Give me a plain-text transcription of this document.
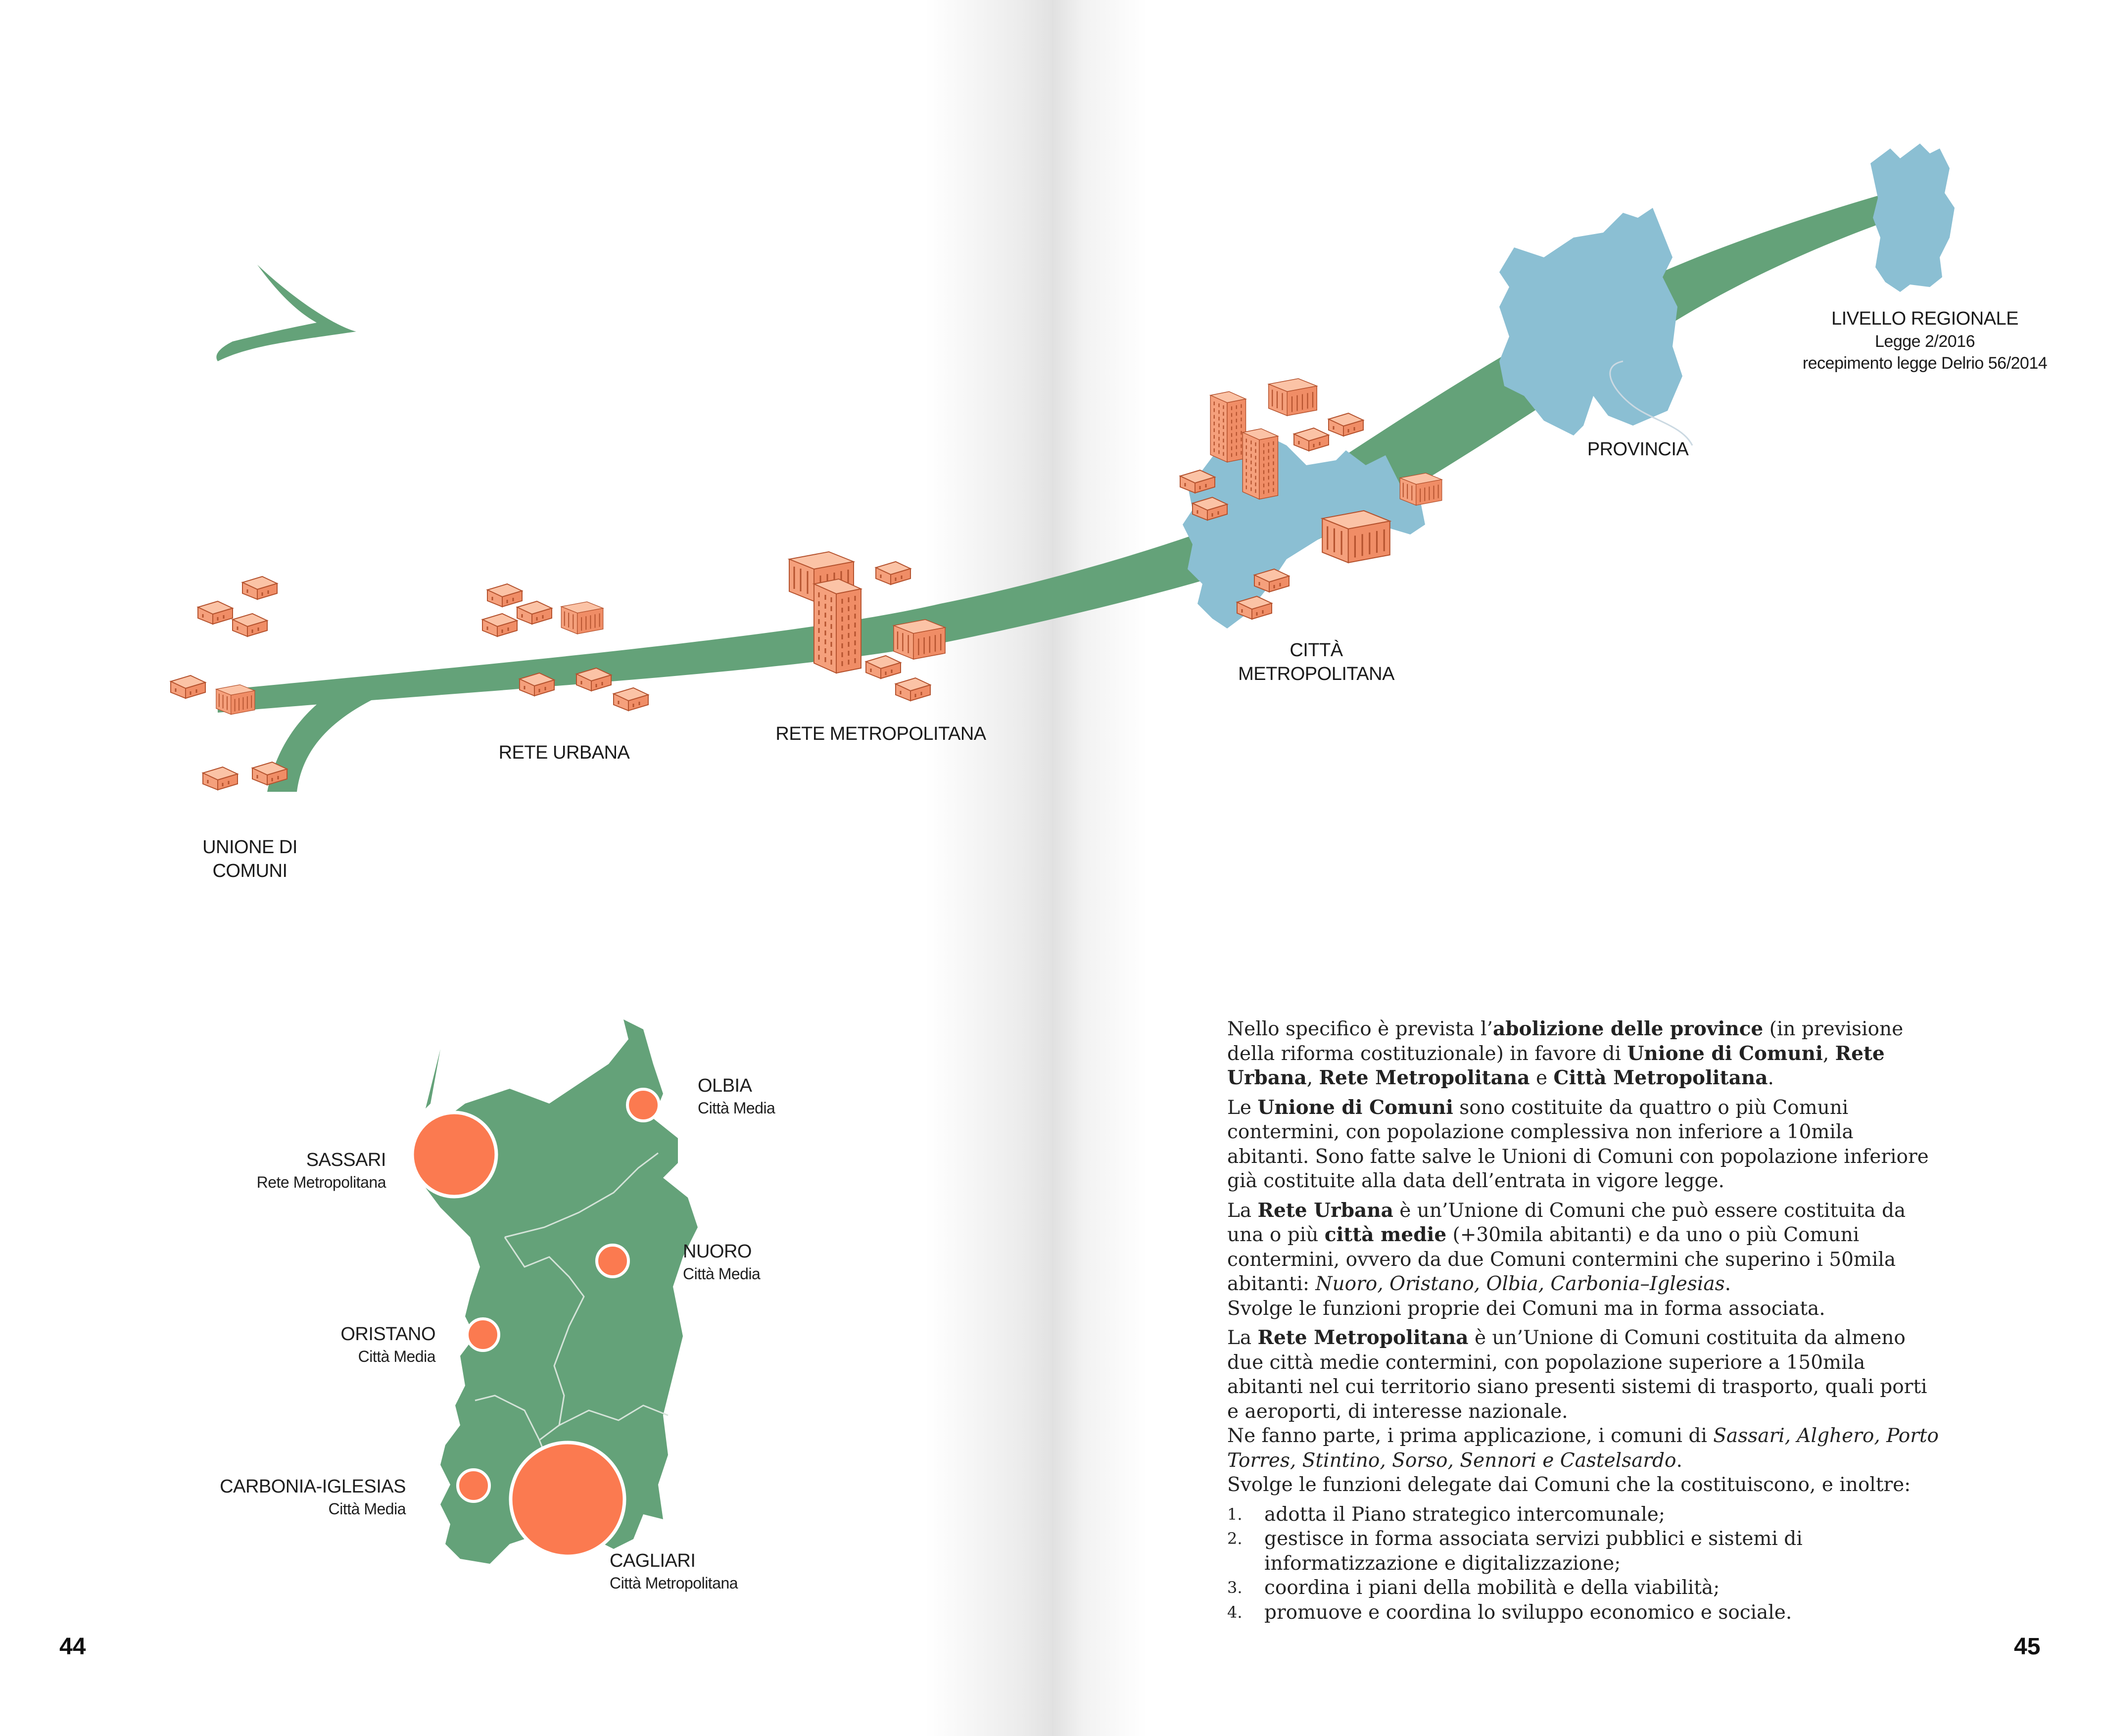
UNIONE DI
COMUNI
RETE URBANA
RETE METROPOLITANA
CITTÀ
METROPOLITANA
PROVINCIA
LIVELLO REGIONALE
Legge 2/2016
recepimento legge Delrio 56/2014
OLBIA
Città Media
SASSARI
Rete Metropolitana
NUORO
Città Media
ORISTANO
Città Media
CARBONIA-IGLESIAS
Città Media
CAGLIARI
Città Metropolitana

Nello specifico è prevista l’abolizione delle province (in previsione della riforma costituzionale) in favore di Unione di Comuni, Rete Urbana, Rete Metropolitana e Città Metropolitana.

Le Unione di Comuni sono costituite da quattro o più Comuni contermini, con popolazione complessiva non inferiore a 10mila abitanti. Sono fatte salve le Unioni di Comuni con popolazione inferiore già costituite alla data dell’entrata in vigore legge.

La Rete Urbana è un’Unione di Comuni che può essere costituita da una o più città medie (+30mila abitanti) e da uno o più Comuni contermini, ovvero da due Comuni contermini che superino i 50mila abitanti: Nuoro, Oristano, Olbia, Carbonia–Iglesias.
Svolge le funzioni proprie dei Comuni ma in forma associata.

La Rete Metropolitana è un’Unione di Comuni costituita da almeno due città medie contermini, con popolazione superiore a 150mila abitanti nel cui territorio siano presenti sistemi di trasporto, quali porti e aeroporti, di interesse nazionale.
Ne fanno parte, i prima applicazione, i comuni di Sassari, Alghero, Porto Torres, Stintino, Sorso, Sennori e Castelsardo.
Svolge le funzioni delegate dai Comuni che la costituiscono, e inoltre:

1.	adotta il Piano strategico intercomunale;
2.	gestisce in forma associata servizi pubblici e sistemi di informatizzazione e digitalizzazione;
3.	coordina i piani della mobilità e della viabilità;
4.	promuove e coordina lo sviluppo economico e sociale.
44	45
